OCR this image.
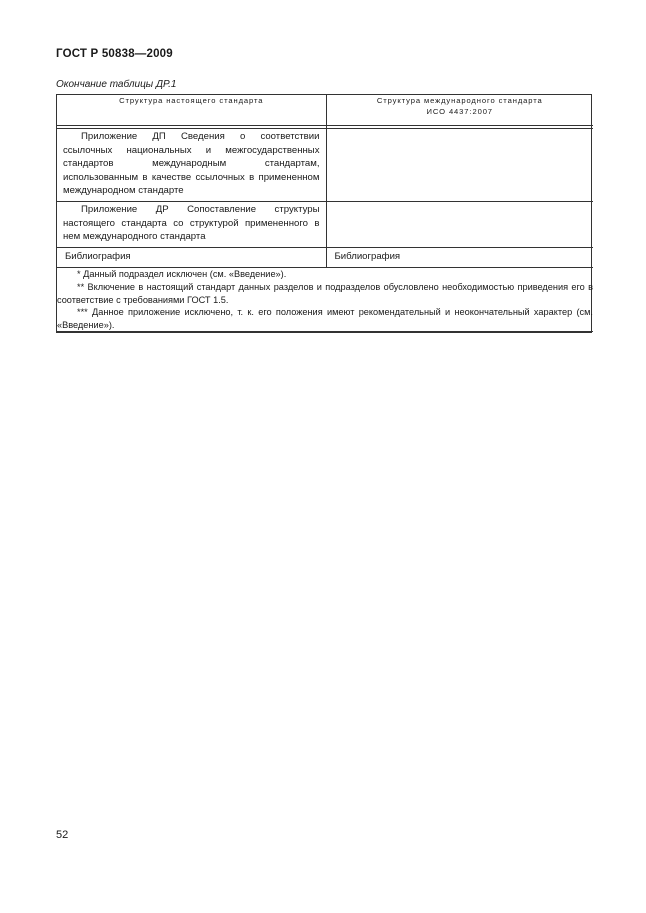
ГОСТ Р 50838—2009
Окончание таблицы ДР.1
Структура настоящего стандарта	Структура международного стандарта
ИСО 4437:2007

Приложение ДП Сведения о соответствии ссылочных национальных и межгосударственных стандартов международным стандартам, использованным в качестве ссылочных в примененном международном стандарте	

Приложение ДР Сопоставление структуры настоящего стандарта со структурой примененного в нем международного стандарта	

Библиография	Библиография

* Данный подраздел исключен (см. «Введение»).
** Включение в настоящий стандарт данных разделов и подразделов обусловлено необходимостью приведения его в соответствие с требованиями ГОСТ 1.5.
*** Данное приложение исключено, т. к. его положения имеют рекомендательный и неокончательный характер (см. «Введение»).	
52
